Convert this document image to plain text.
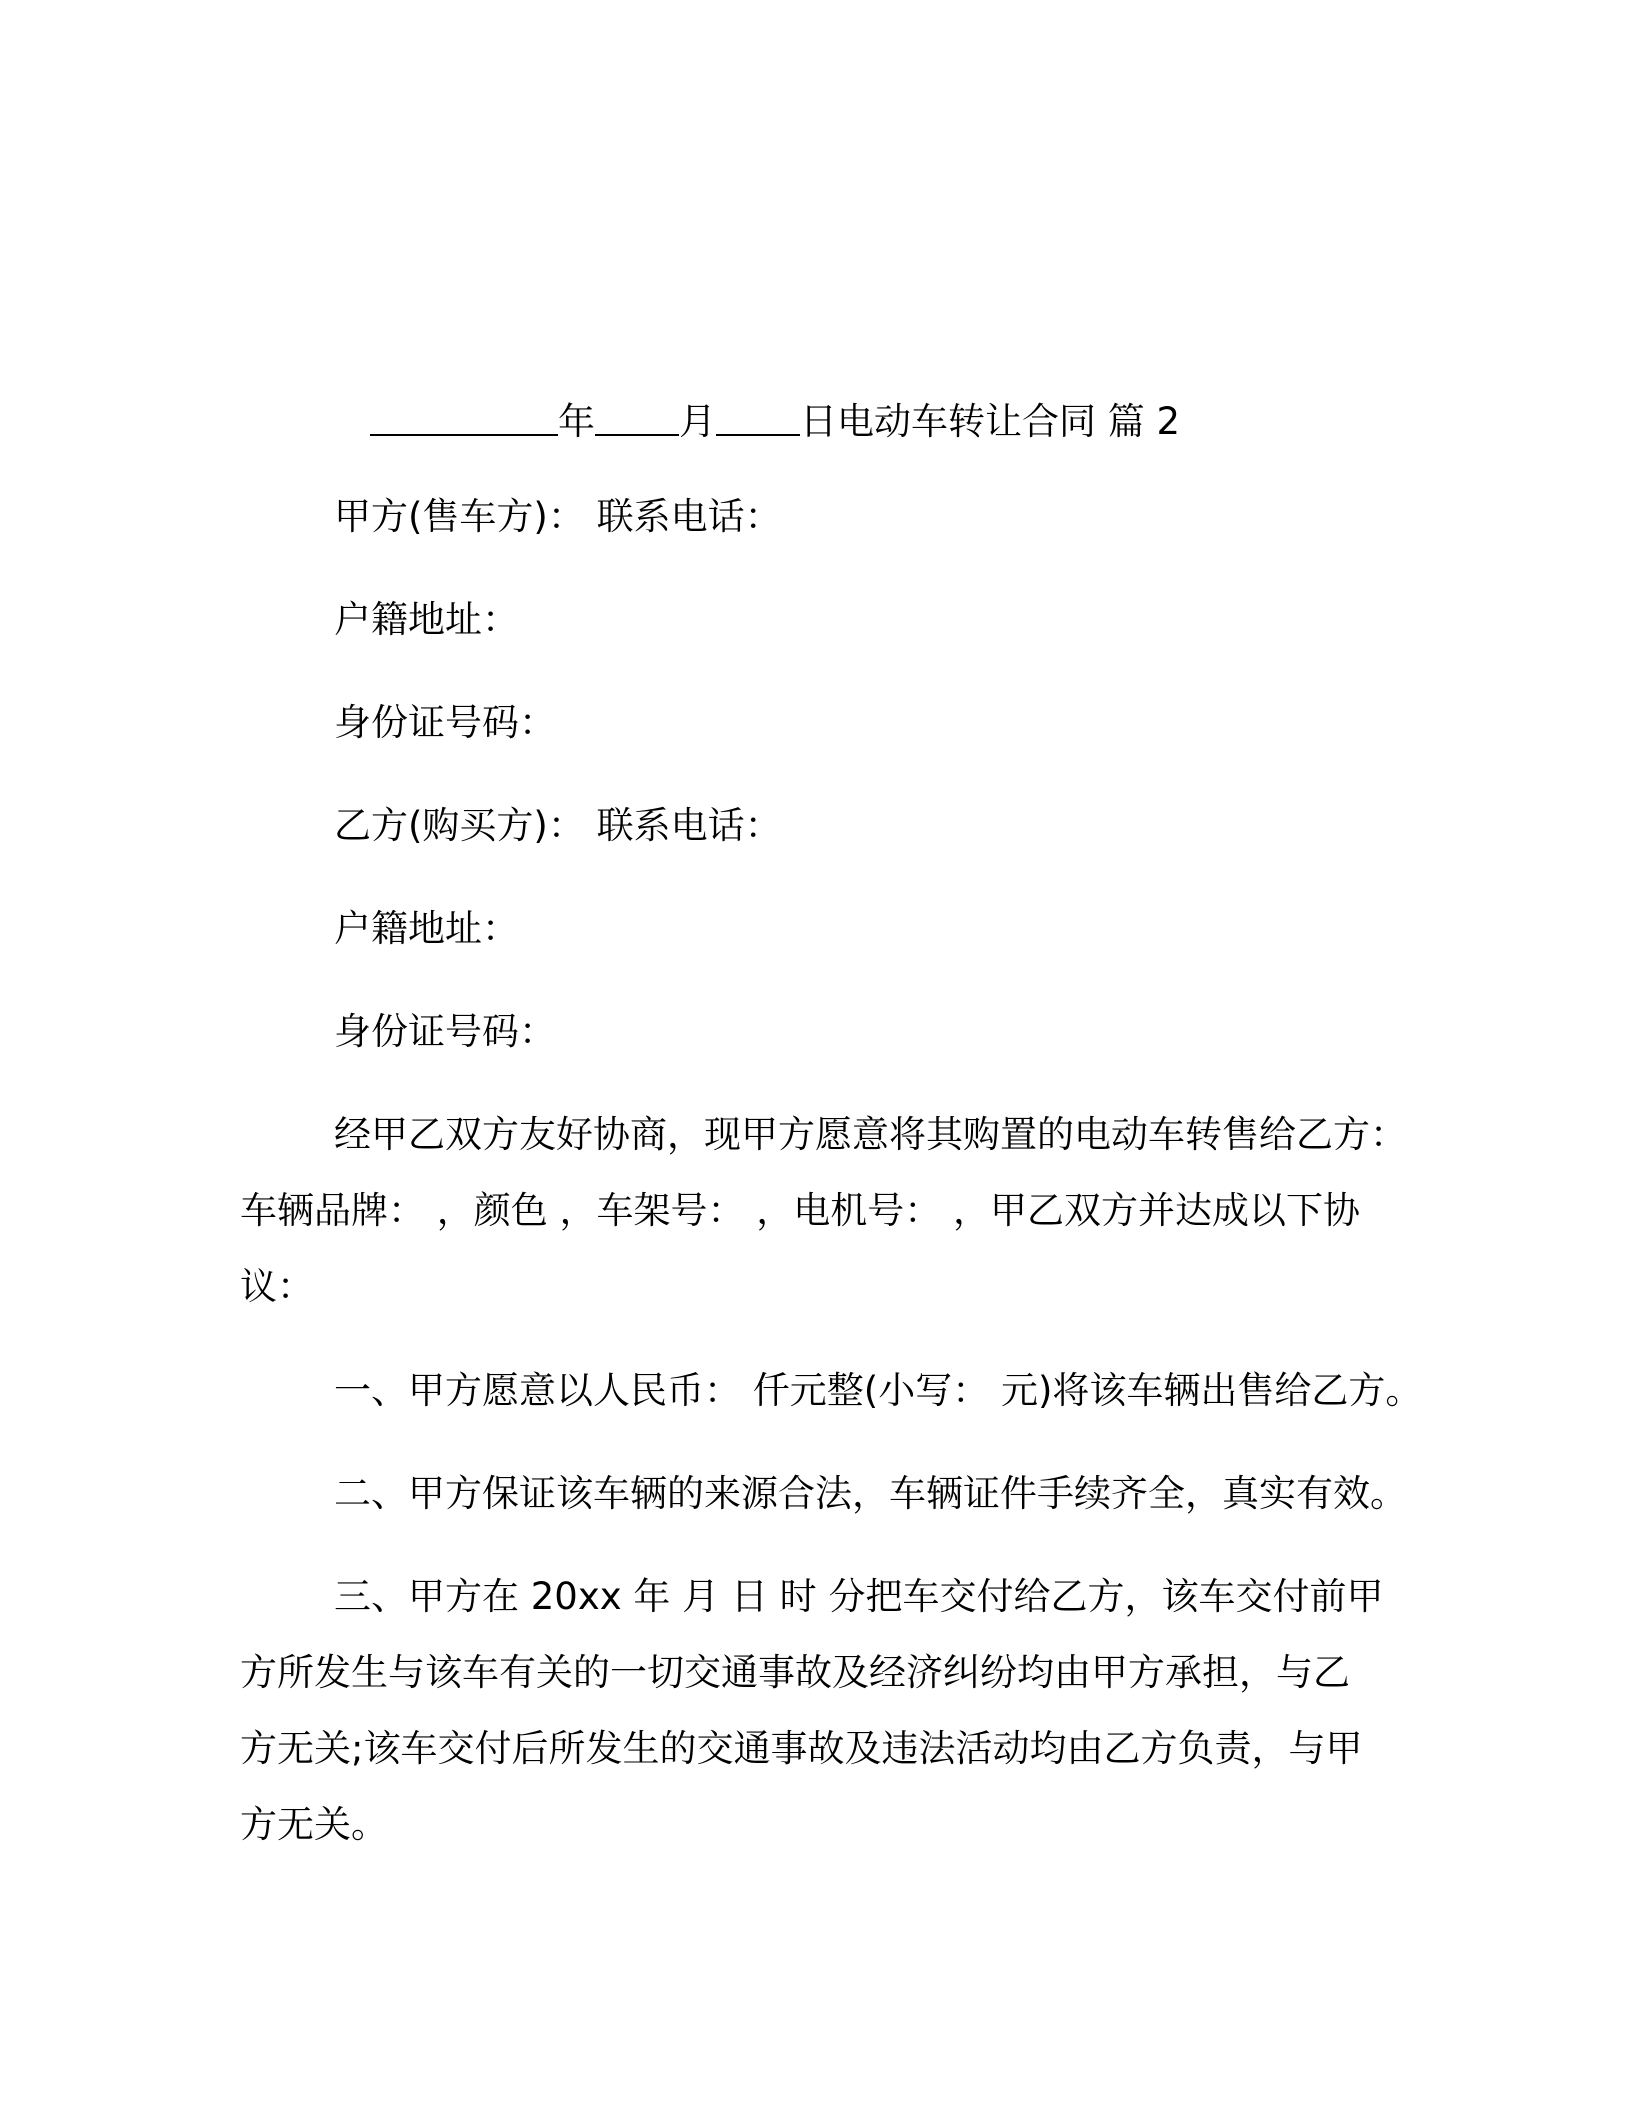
年 月 日电动车转让合同 篇 2
甲方(售车方)： 联系电话：
户籍地址：
身份证号码：
乙方(购买方)： 联系电话：
户籍地址：
身份证号码：
经甲乙双方友好协商，现甲方愿意将其购置的电动车转售给乙方：
车辆品牌： ，颜色 ，车架号： ，电机号： ，甲乙双方并达成以下协
议：
一、甲方愿意以人民币： 仟元整(小写： 元)将该车辆出售给乙方。
二、甲方保证该车辆的来源合法，车辆证件手续齐全，真实有效。
三、甲方在 20xx 年 月 日 时 分把车交付给乙方，该车交付前甲
方所发生与该车有关的一切交通事故及经济纠纷均由甲方承担，与乙
方无关;该车交付后所发生的交通事故及违法活动均由乙方负责，与甲
方无关。
